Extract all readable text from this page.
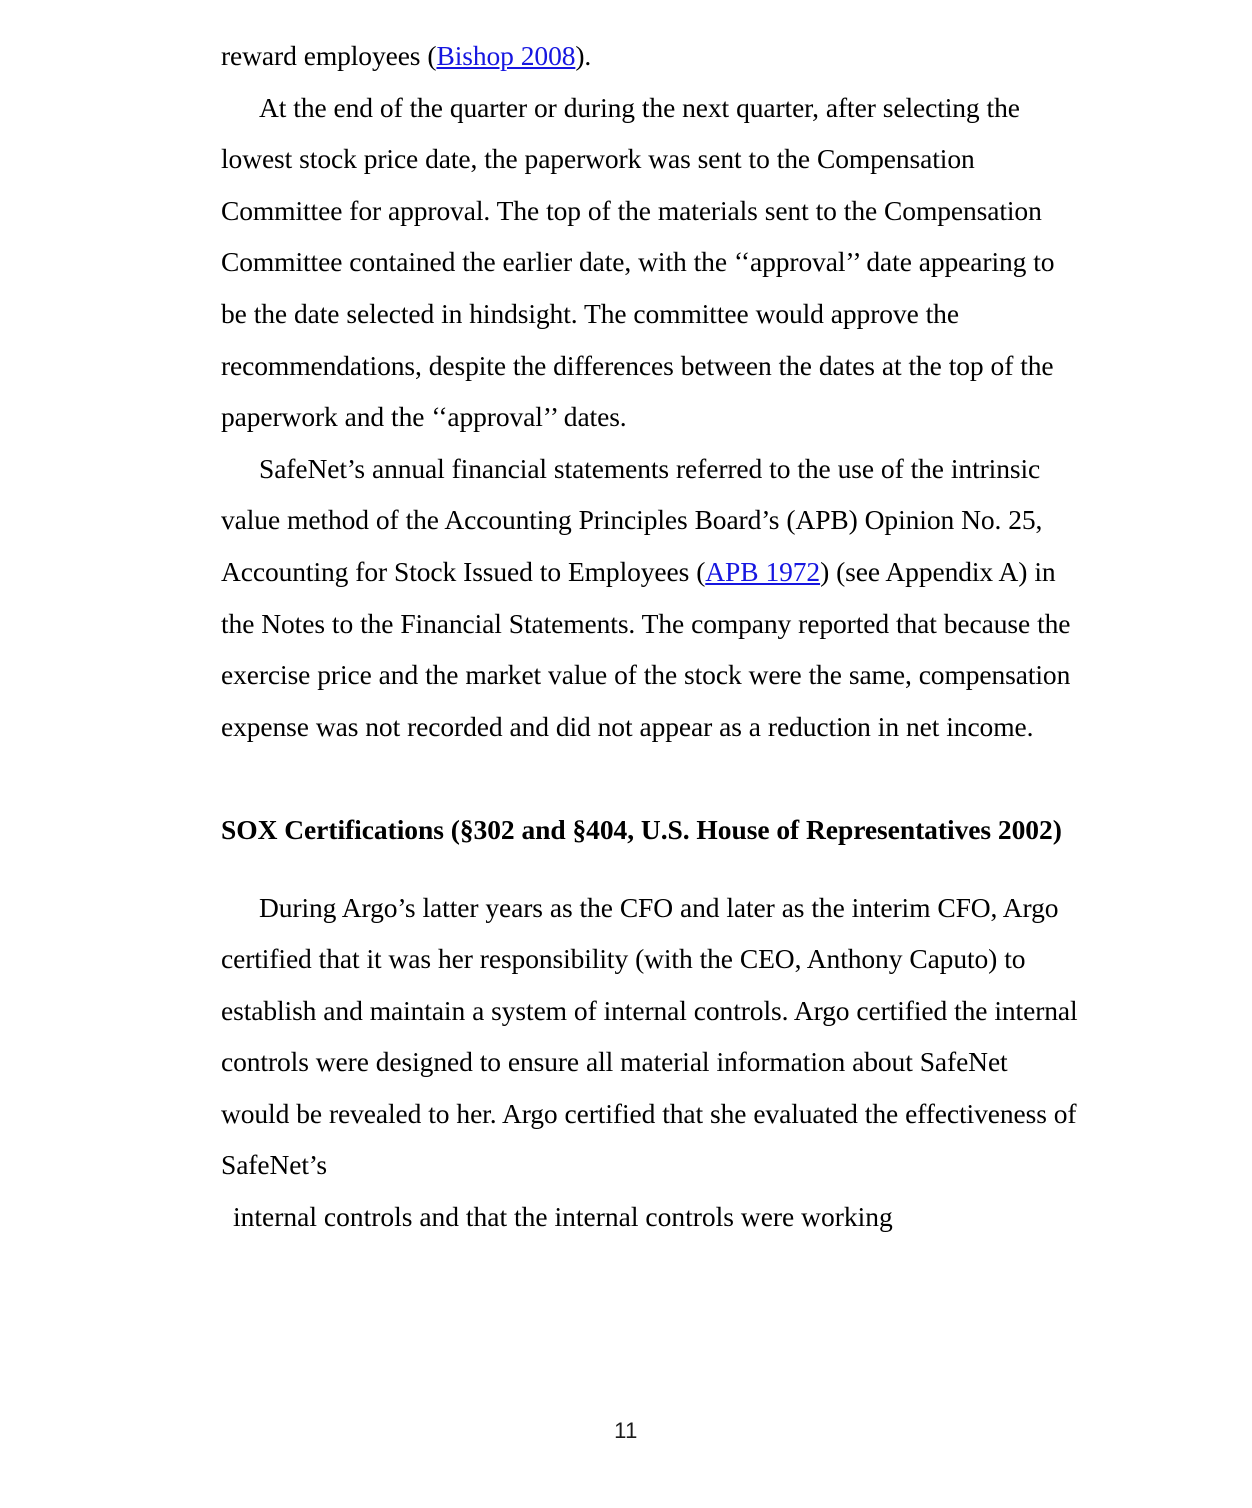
reward employees (Bishop 2008).

At the end of the quarter or during the next quarter, after selecting the lowest stock price date, the paperwork was sent to the Compensation Committee for approval. The top of the materials sent to the Compensation Committee contained the earlier date, with the ‘‘approval’’ date appearing to be the date selected in hindsight. The committee would approve the recommendations, despite the differences between the dates at the top of the paperwork and the ‘‘approval’’ dates.

SafeNet’s annual financial statements referred to the use of the intrinsic value method of the Accounting Principles Board’s (APB) Opinion No. 25, Accounting for Stock Issued to Employees (APB 1972) (see Appendix A) in the Notes to the Financial Statements. The company reported that because the exercise price and the market value of the stock were the same, compensation expense was not recorded and did not appear as a reduction in net income.

SOX Certifications (§302 and §404, U.S. House of Representatives 2002)

During Argo’s latter years as the CFO and later as the interim CFO, Argo certified that it was her responsibility (with the CEO, Anthony Caputo) to establish and maintain a system of internal controls. Argo certified the internal controls were designed to ensure all material information about SafeNet would be revealed to her. Argo certified that she evaluated the effectiveness of SafeNet’s

internal controls and that the internal controls were working

11
